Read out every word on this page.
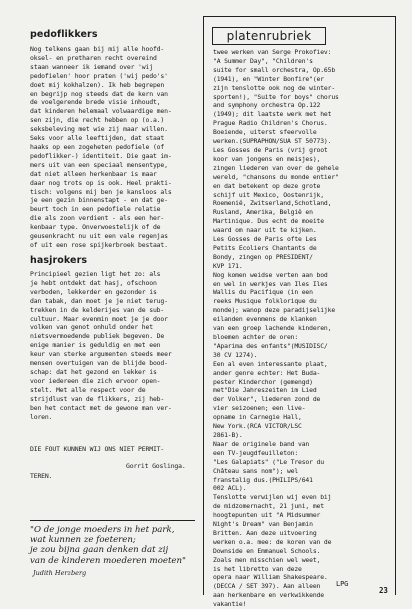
pedoflikkers
Nog telkens gaan bij mij alle hoofd-
oksel- en pretharen recht overeind
staan wanneer ik iemand over 'wij
pedofielen' hoor praten ('wij pedo's'
doet mij kokhalzen). Ik heb begrepen
en begrijp nog steeds dat de kern van
de voelgerende brede visie inhoudt,
dat kinderen helemaal volwaardige men-
sen zijn, die recht hebben op (o.a.)
seksbeleving met wie zij maar willen.
Seks voor alle leeftijden, dat staat
haaks op een zogeheten pedofiele (of
pedoflikker-) identiteit. Die gaat im-
mers uit van een speciaal mensentype,
dat niet alleen herkenbaar is maar
daar nog trots op is ook. Heel prakti-
tisch: volgens mij ben je kansloos als
je een gezin binnenstapt - en dat ge-
beurt toch in een pedofiele relatie
die als zoon verdient - als een her-
kenbaar type. Onverwoestelijk of de
geusenkracht nu uit een vale regenjas
of uit een rose spijkerbroek bestaat.
hasjrokers
Principieel gezien ligt het zo: als
je hebt ontdekt dat hasj, ofschoon
verboden, lekkerder en gezonder is
dan tabak, dan moet je je niet terug-
trekken in de kelderijes van de sub-
cultuur. Maar evenmin moet je je door
volken van genot onhuld onder het
nietsvermoedende publiek begeven. De
enige manier is geduldig en met een
keur van sterke argumenten steeds meer
mensen overtuigen van de blijde bood-
schap: dat het gezond en lekker is
voor iedereen die zich ervoor open-
stelt. Met alle respect voor de
strijdlust van de flikkers, zij heb-
ben het contact met de gewone man ver-
loren.

DIE FOUT KUNNEN WIJ ONS NIET PERMIT-

TEREN.

Gorrit Goslinga.
"O de jonge moeders in het park,
wat kunnen ze foeteren;
je zou bijna gaan denken dat zij
van de kinderen moederen moeten"
Judith Herzberg
platenrubriek
twee werken van Serge Prokofiev:
"A Summer Day", "Children's
suite for small orchestra, Op.65b
(1941), en "Winter Bonfire"(er
zijn tenslotte ook nog de winter-
sporten!), "Suite for boys" chorus
and symphony orchestra Op.122
(1949); dit laatste werk met het
Prague Radio Children's Chorus.
Boeiende, uiterst sfeervolle
werken.(SUPRAPHON/SUA ST 50773).
Les Gosses de Paris (vrij groot
koor van jongens en meisjes),
zingen liederen van over de gehele
wereld, "chansons du monde entier"
en dat betekent op deze grote
schijf uit Mexico, Oostenrijk,
Roemenië, Zwitserland,Schotland,
Rusland, Amerika, België en
Martinique. Dus echt de moeite
waard om naar uit te kijken.
Les Gosses de Paris ofte Les
Petits Ecoliers Chantants de
Bondy, zingen op PRESIDENT/
KVP 171.
Nog komen weidse verten aan bod
en wel in werkjes van Iles Iles
Wallis du Pacifique (in een
reeks Musique folklorique du
monde); wanop deze paradijselijke
eilanden evenmens de klanken
van een groep lachende kinderen,
bloemen achter de oren:
"Aparima des enfants"(MUSIDISC/
30 CV 1274).
Een al even interessante plaat,
ander genre echter: Het Buda-
pester Kinderchor (gemengd)
met"Die Jahreszeiten im Lied
der Volker", liederen zond de
vier seizoenen; een live-
opname in Carnegie Hall,
New York.(RCA VICTOR/LSC
2861-B).
Naar de originele band van
een TV-jeugdfeuilleton:
"Les Galapiats" ("Le Tresor du
Château sans nom"); wel
franstalig dus.(PHILIPS/641
002 ACL).
Tenslotte verwijlen wij even bij
de midzomernacht, 21 juni, met
hoogtepunten uit "A Midsummer
Night's Dream" van Benjamin
Britten. Aan deze uitvoering
werken o.a. mee: de koren van de
Downside en Emmanuel Schools.
Zoals men misschien wel weet,
is het libretto van deze
opera naar William Shakespeare.
(DECCA / SET 397). Aan alleen
aan herkenbare en verkwikkende
vakantie!
LPG
23
